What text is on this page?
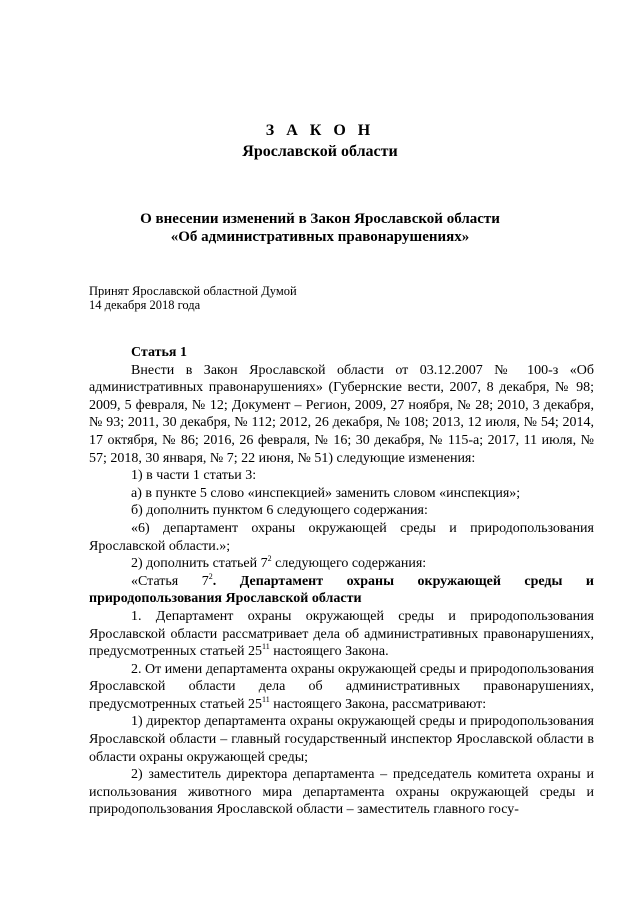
З А К О Н
Ярославской области
О внесении изменений в Закон Ярославской области
«Об административных правонарушениях»
Принят Ярославской областной Думой
14 декабря 2018 года

Статья 1

Внести в Закон Ярославской области от 03.12.2007 № 100-з «Об административных правонарушениях» (Губернские вести, 2007, 8 декабря, № 98; 2009, 5 февраля, № 12; Документ – Регион, 2009, 27 ноября, № 28; 2010, 3 декабря, № 93; 2011, 30 декабря, № 112; 2012, 26 декабря, № 108; 2013, 12 июля, № 54; 2014, 17 октября, № 86; 2016, 26 февраля, № 16; 30 декабря, № 115-а; 2017, 11 июля, № 57; 2018, 30 января, № 7; 22 июня, № 51) следующие изменения:

1) в части 1 статьи 3:

а) в пункте 5 слово «инспекцией» заменить словом «инспекция»;

б) дополнить пунктом 6 следующего содержания:

«6) департамент охраны окружающей среды и природопользования Ярославской области.»;

2) дополнить статьей $7^2$ следующего содержания:

«Статья $7^2$. Департамент охраны окружающей среды и природопользования Ярославской области

1. Департамент охраны окружающей среды и природопользования Ярославской области рассматривает дела об административных правонарушениях, предусмотренных статьей $25^{11}$ настоящего Закона.

2. От имени департамента охраны окружающей среды и природопользования Ярославской области дела об административных правонарушениях, предусмотренных статьей $25^{11}$ настоящего Закона, рассматривают:

1) директор департамента охраны окружающей среды и природопользования Ярославской области – главный государственный инспектор Ярославской области в области охраны окружающей среды;

2) заместитель директора департамента – председатель комитета охраны и использования животного мира департамента охраны окружающей среды и природопользования Ярославской области – заместитель главного госу-
